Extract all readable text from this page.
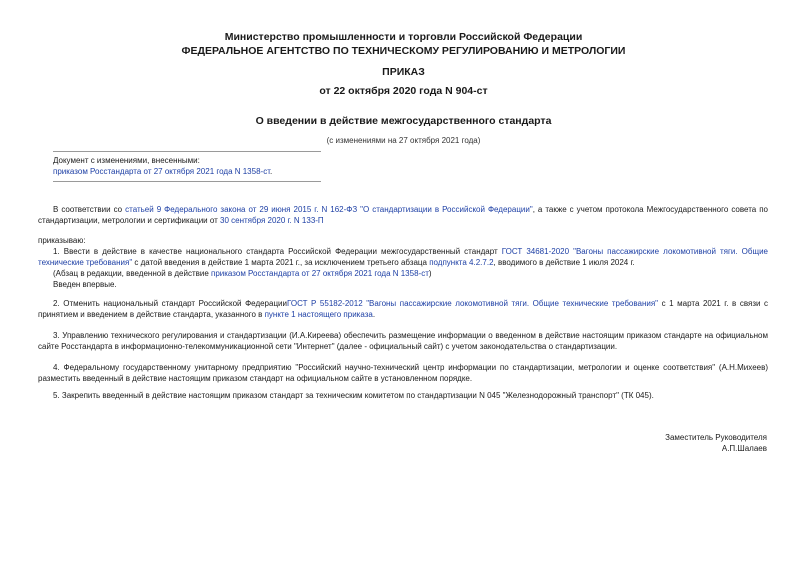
Министерство промышленности и торговли Российской Федерации
ФЕДЕРАЛЬНОЕ АГЕНТСТВО ПО ТЕХНИЧЕСКОМУ РЕГУЛИРОВАНИЮ И МЕТРОЛОГИИ
ПРИКАЗ
от 22 октября 2020 года N 904-ст
О введении в действие межгосударственного стандарта
(с изменениями на 27 октября 2021 года)
Документ с изменениями, внесенными:
приказом Росстандарта от 27 октября 2021 года N 1358-ст.

В соответствии со статьей 9 Федерального закона от 29 июня 2015 г. N 162-ФЗ "О стандартизации в Российской Федерации", а также с учетом протокола Межгосударственного совета по стандартизации, метрологии и сертификации от 30 сентября 2020 г. N 133-П

приказываю:

1. Ввести в действие в качестве национального стандарта Российской Федерации межгосударственный стандарт ГОСТ 34681-2020 "Вагоны пассажирские локомотивной тяги. Общие технические требования" с датой введения в действие 1 марта 2021 г., за исключением третьего абзаца подпункта 4.2.7.2, вводимого в действие 1 июля 2024 г.

(Абзац в редакции, введенной в действие приказом Росстандарта от 27 октября 2021 года N 1358-ст)
Введен впервые.

2. Отменить национальный стандарт Российской ФедерацииГОСТ Р 55182-2012 "Вагоны пассажирские локомотивной тяги. Общие технические требования" с 1 марта 2021 г. в связи с принятием и введением в действие стандарта, указанного в пункте 1 настоящего приказа.

3. Управлению технического регулирования и стандартизации (И.А.Киреева) обеспечить размещение информации о введенном в действие настоящим приказом стандарте на официальном сайте Росстандарта в информационно-телекоммуникационной сети "Интернет" (далее - официальный сайт) с учетом законодательства о стандартизации.

4. Федеральному государственному унитарному предприятию "Российский научно-технический центр информации по стандартизации, метрологии и оценке соответствия" (А.Н.Михеев) разместить введенный в действие настоящим приказом стандарт на официальном сайте в установленном порядке.

5. Закрепить введенный в действие настоящим приказом стандарт за техническим комитетом по стандартизации N 045 "Железнодорожный транспорт" (ТК 045).

Заместитель Руководителя
А.П.Шалаев
